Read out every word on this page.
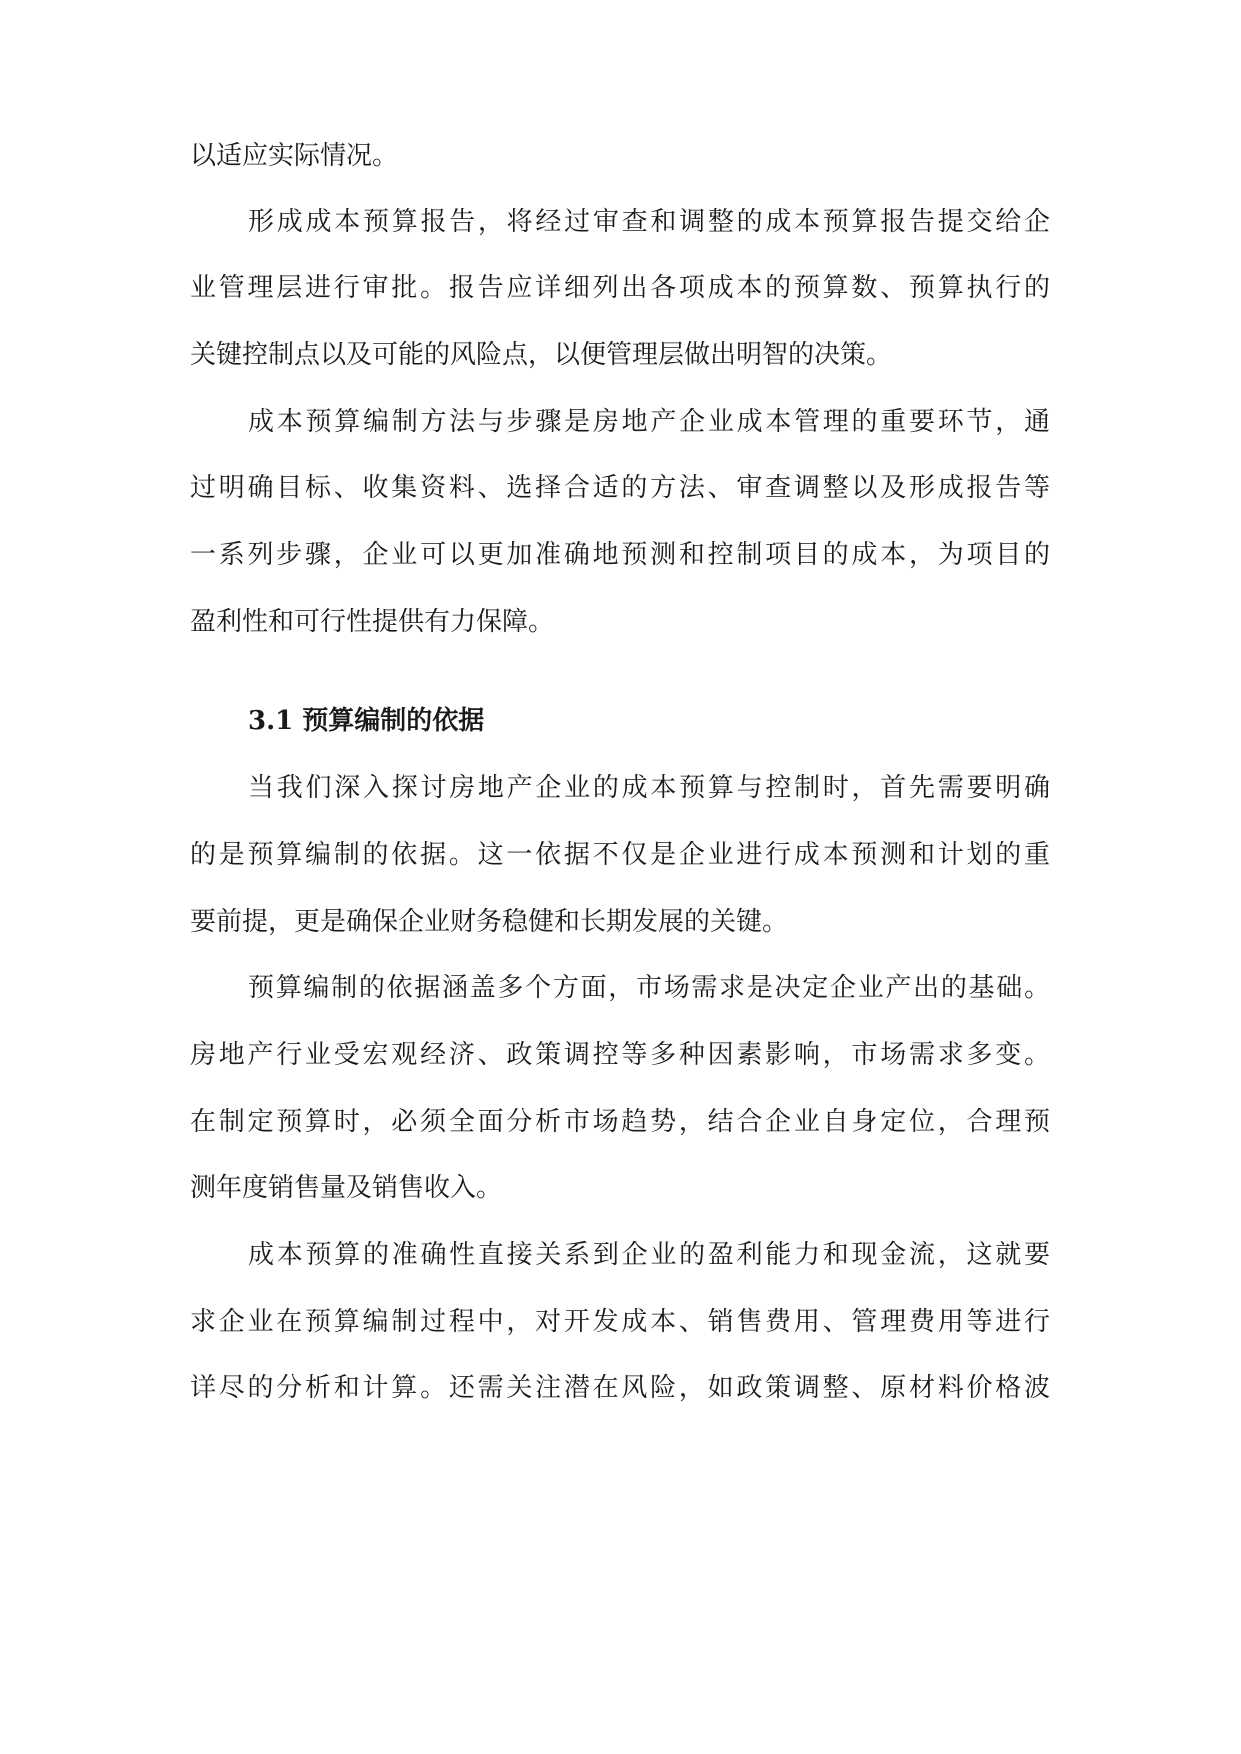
以适应实际情况。
形成成本预算报告，将经过审查和调整的成本预算报告提交给企
业管理层进行审批。报告应详细列出各项成本的预算数、预算执行的
关键控制点以及可能的风险点，以便管理层做出明智的决策。
成本预算编制方法与步骤是房地产企业成本管理的重要环节，通
过明确目标、收集资料、选择合适的方法、审查调整以及形成报告等
一系列步骤，企业可以更加准确地预测和控制项目的成本，为项目的
盈利性和可行性提供有力保障。
3.1 预算编制的依据
当我们深入探讨房地产企业的成本预算与控制时，首先需要明确
的是预算编制的依据。这一依据不仅是企业进行成本预测和计划的重
要前提，更是确保企业财务稳健和长期发展的关键。
预算编制的依据涵盖多个方面，市场需求是决定企业产出的基础。
房地产行业受宏观经济、政策调控等多种因素影响，市场需求多变。
在制定预算时，必须全面分析市场趋势，结合企业自身定位，合理预
测年度销售量及销售收入。
成本预算的准确性直接关系到企业的盈利能力和现金流，这就要
求企业在预算编制过程中，对开发成本、销售费用、管理费用等进行
详尽的分析和计算。还需关注潜在风险，如政策调整、原材料价格波
